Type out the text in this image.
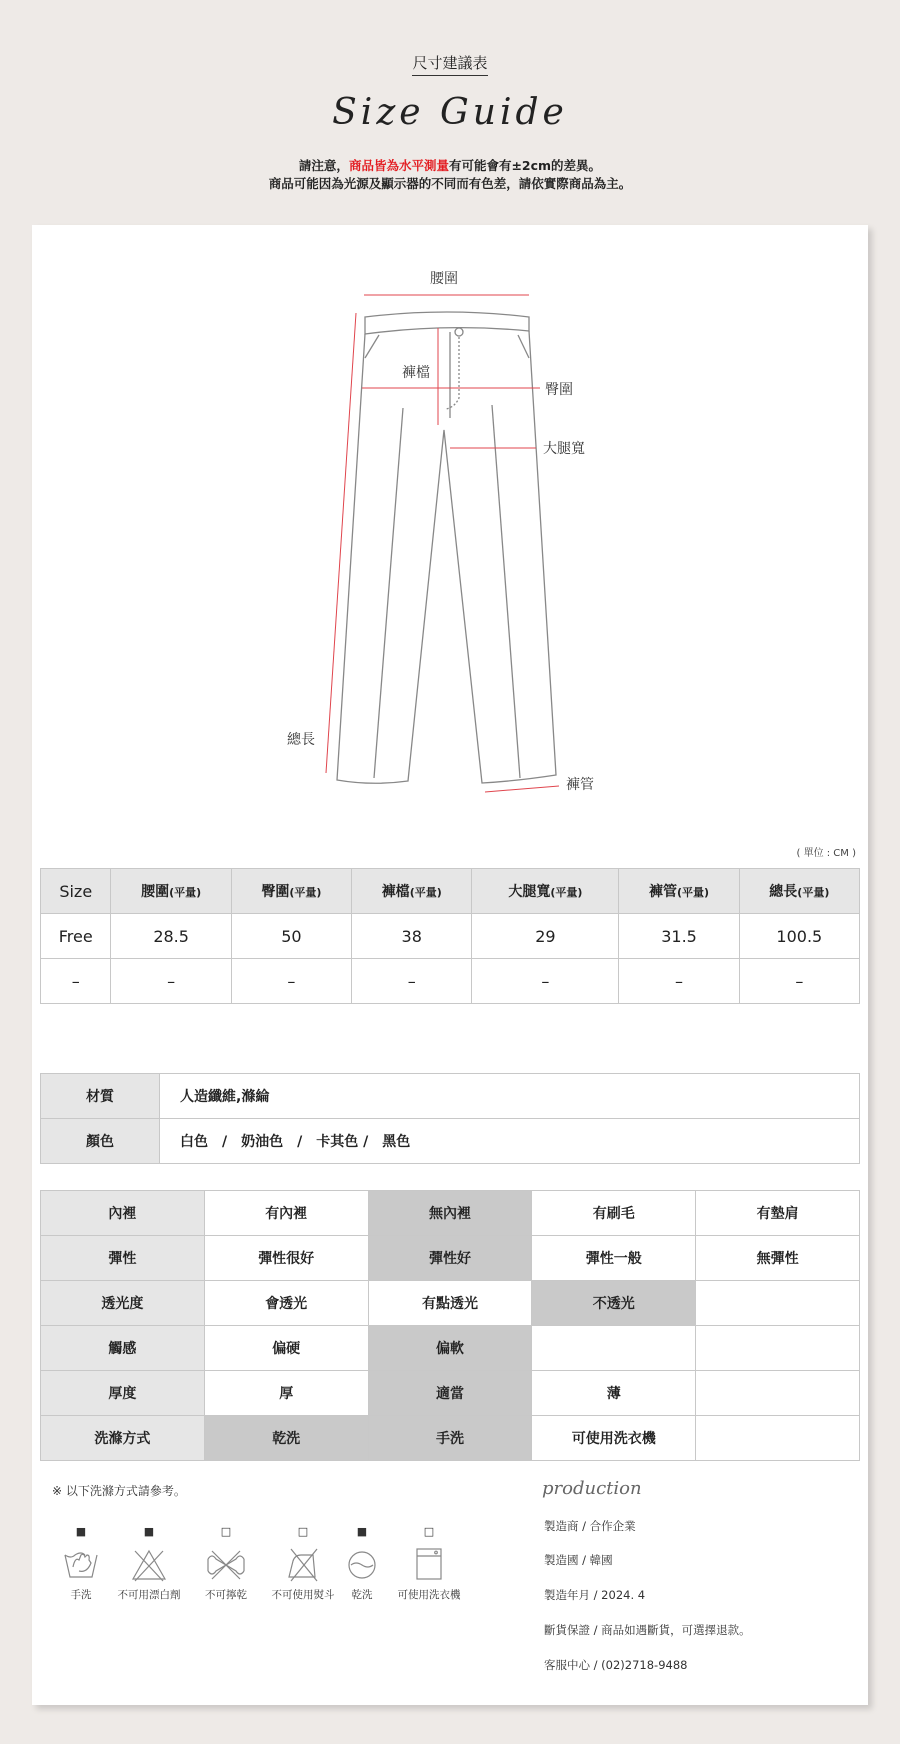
尺寸建議表
Size Guide
請注意，商品皆為水平測量有可能會有±2cm的差異。
商品可能因為光源及顯示器的不同而有色差，請依實際商品為主。
腰圍
褲檔
臀圍
大腿寬
總長
褲管
( 單位 : CM )
Size	腰圍(平量)	臀圍(平量)	褲檔(平量)	大腿寬(平量)	褲管(平量)	總長(平量)
Free	28.5	50	38	29	31.5	100.5
–	–	–	–	–	–	–
材質	人造纖維,滌綸
顏色	白色　/　奶油色　/　卡其色 /　黑色
內裡	有內裡	無內裡	有刷毛	有墊肩
彈性	彈性很好	彈性好	彈性一般	無彈性
透光度	會透光	有點透光	不透光	
觸感	偏硬	偏軟		
厚度	厚	適當	薄	
洗滌方式	乾洗	手洗	可使用洗衣機	
※ 以下洗滌方式請參考。
■
手洗
■
不可用漂白劑
□
不可擰乾
□
不可使用熨斗
■
乾洗
□
可使用洗衣機
production
製造商 / 合作企業
製造國 / 韓國
製造年月 / 2024. 4
斷貨保證 / 商品如遇斷貨，可選擇退款。
客服中心 / (02)2718-9488
